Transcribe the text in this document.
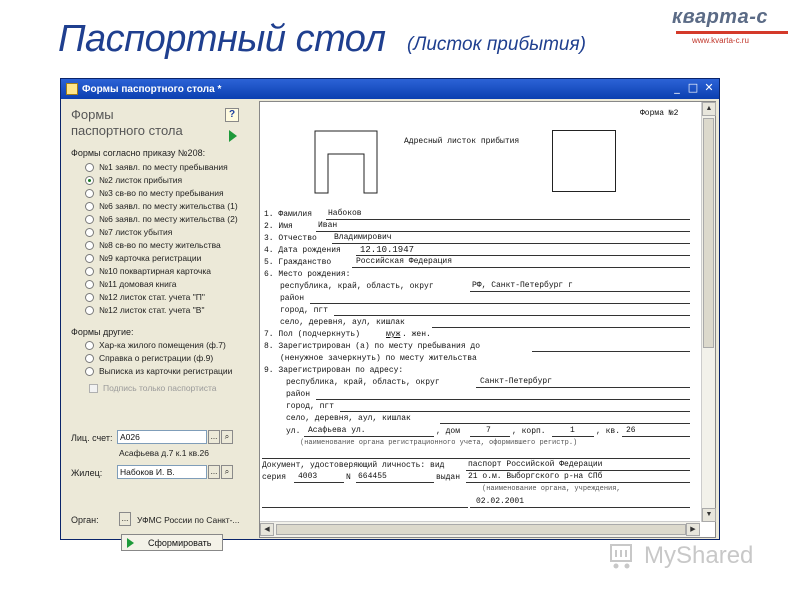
Паспортный стол (Листок прибытия)
кварта-с
www.kvarta-c.ru
Формы паспортного стола *	_ □ ✕
Формы
паспортного стола
?
Формы согласно приказу №208:
№1 заявл. по месту пребывания
№2 листок прибытия
№3 св-во по месту пребывания
№6 заявл. по месту жительства (1)
№6 заявл. по месту жительства (2)
№7 листок убытия
№8 св-во по месту жительства
№9 карточка регистрации
№10 поквартирная карточка
№11 домовая книга
№12 листок стат. учета "П"
№12 листок стат. учета "В"
Формы другие:
Хар-ка жилого помещения (ф.7)
Справка о регистрации (ф.9)
Выписка из карточки регистрации
Подпись только паспортиста
Лиц. счет: А026	... ⌕
Асафьева д.7 к.1 кв.26
Жилец:	Набоков И. В.	... ⌕
Орган:	...	УФМС России по Санкт-...
Сформировать
Форма №2
Адресный листок прибытия
1. Фамилия Набоков
2. Имя	Иван
3. Отчество Владимирович
4. Дата рождения 12.10.1947
5. Гражданство	Российская Федерация
6. Место рождения:
республика, край, область, округ	РФ, Санкт-Петербург г
район
город, пгт
село, деревня, аул, кишлак
7. Пол (подчеркнуть)	муж . жен.
8. Зарегистрирован (а) по месту пребывания до
(ненужное зачеркнуть) по месту жительства
9. Зарегистрирован по адресу:
республика, край, область, округ	Санкт-Петербург
район
город, пгт
село, деревня, аул, кишлак
ул. Асафьева ул.	, дом	7	, корп.	1	, кв. 26
(наименование органа регистрационного учета, оформившего регистр.)
Документ, удостоверяющий личность: вид	паспорт Российской Федерации
серия 4003	N 664455	выдан 21 о.м. Выборгского р-на СПб
(наименование органа, учреждения,
02.02.2001
▲
▼
◀	▶
MyShared
